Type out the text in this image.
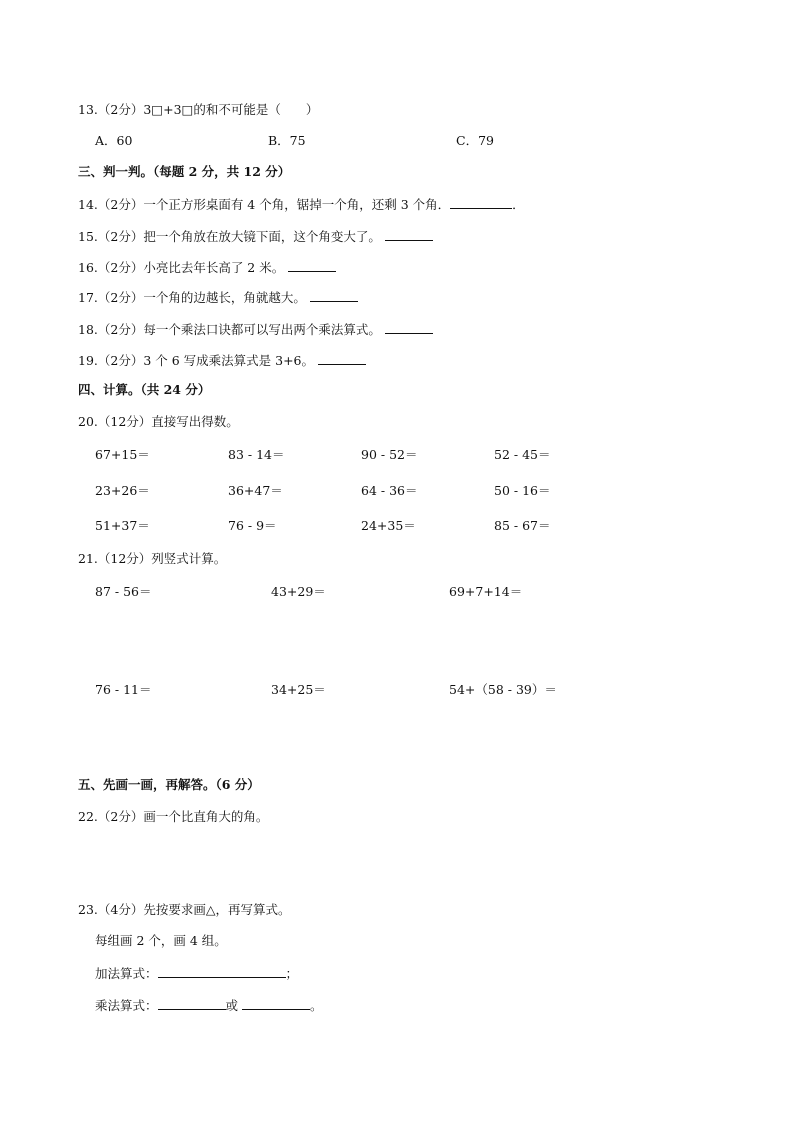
13.（2分）3□+3□的和不可能是（　　）
A．60	B．75	C．79
三、判一判。（每题 2 分，共 12 分）
14.（2分）一个正方形桌面有 4 个角，锯掉一个角，还剩 3 个角．	．
15.（2分）把一个角放在放大镜下面，这个角变大了。
16.（2分）小亮比去年长高了 2 米。
17.（2分）一个角的边越长，角就越大。
18.（2分）每一个乘法口诀都可以写出两个乘法算式。
19.（2分）3 个 6 写成乘法算式是 3+6。
四、计算。（共 24 分）
20.（12分）直接写出得数。
67+15＝	83 - 14＝	90 - 52＝	52 - 45＝
23+26＝	36+47＝	64 - 36＝	50 - 16＝
51+37＝	76 - 9＝	24+35＝	85 - 67＝
21.（12分）列竖式计算。
87 - 56＝	43+29＝	69+7+14＝
76 - 11＝	34+25＝	54+（58 - 39）＝
五、先画一画，再解答。（6 分）
22.（2分）画一个比直角大的角。
23.（4分）先按要求画△，再写算式。
每组画 2 个，画 4 组。
加法算式：	；
乘法算式：	或	。
